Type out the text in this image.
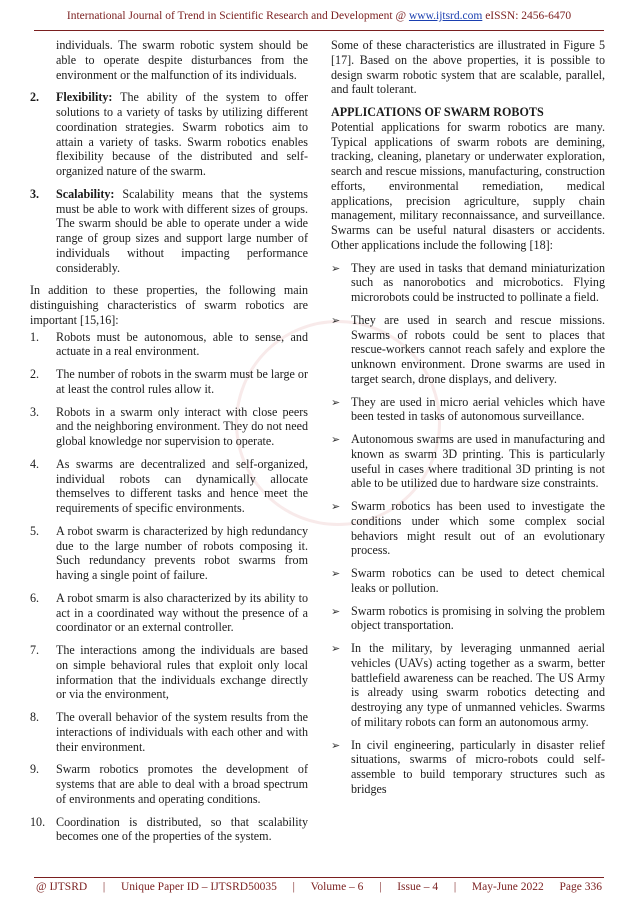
International Journal of Trend in Scientific Research and Development @ www.ijtsrd.com eISSN: 2456-6470
individuals. The swarm robotic system should be able to operate despite disturbances from the environment or the malfunction of its individuals.
2.	Flexibility: The ability of the system to offer solutions to a variety of tasks by utilizing different coordination strategies. Swarm robotics aim to attain a variety of tasks. Swarm robotics enables flexibility because of the distributed and self-organized nature of the swarm.
3.	Scalability: Scalability means that the systems must be able to work with different sizes of groups. The swarm should be able to operate under a wide range of group sizes and support large number of individuals without impacting performance considerably.
In addition to these properties, the following main distinguishing characteristics of swarm robotics are important [15,16]:
1.	Robots must be autonomous, able to sense, and actuate in a real environment.
2.	The number of robots in the swarm must be large or at least the control rules allow it.
3.	Robots in a swarm only interact with close peers and the neighboring environment. They do not need global knowledge nor supervision to operate.
4.	As swarms are decentralized and self-organized, individual robots can dynamically allocate themselves to different tasks and hence meet the requirements of specific environments.
5.	A robot swarm is characterized by high redundancy due to the large number of robots composing it. Such redundancy prevents robot swarms from having a single point of failure.
6.	A robot smarm is also characterized by its ability to act in a coordinated way without the presence of a coordinator or an external controller.
7.	The interactions among the individuals are based on simple behavioral rules that exploit only local information that the individuals exchange directly or via the environment,
8.	The overall behavior of the system results from the interactions of individuals with each other and with their environment.
9.	Swarm robotics promotes the development of systems that are able to deal with a broad spectrum of environments and operating conditions.
10. Coordination is distributed, so that scalability becomes one of the properties of the system.
Some of these characteristics are illustrated in Figure 5 [17]. Based on the above properties, it is possible to design swarm robotic system that are scalable, parallel, and fault tolerant.
APPLICATIONS OF SWARM ROBOTS
Potential applications for swarm robotics are many. Typical applications of swarm robots are demining, tracking, cleaning, planetary or underwater exploration, search and rescue missions, manufacturing, construction efforts, environmental remediation, medical applications, precision agriculture, supply chain management, military reconnaissance, and surveillance. Swarms can be useful natural disasters or accidents. Other applications include the following [18]:
➢ They are used in tasks that demand miniaturization such as nanorobotics and microbotics. Flying microrobots could be instructed to pollinate a field.
➢ They are used in search and rescue missions. Swarms of robots could be sent to places that rescue-workers cannot reach safely and explore the unknown environment. Drone swarms are used in target search, drone displays, and delivery.
➢ They are used in micro aerial vehicles which have been tested in tasks of autonomous surveillance.
➢ Autonomous swarms are used in manufacturing and known as swarm 3D printing. This is particularly useful in cases where traditional 3D printing is not able to be utilized due to hardware size constraints.
➢ Swarm robotics has been used to investigate the conditions under which some complex social behaviors might result out of an evolutionary process.
➢ Swarm robotics can be used to detect chemical leaks or pollution.
➢ Swarm robotics is promising in solving the problem object transportation.
➢ In the military, by leveraging unmanned aerial vehicles (UAVs) acting together as a swarm, better battlefield awareness can be reached. The US Army is already using swarm robotics detecting and destroying any type of unmanned vehicles. Swarms of military robots can form an autonomous army.
➢ In civil engineering, particularly in disaster relief situations, swarms of micro-robots could self-assemble to build temporary structures such as bridges
@ IJTSRD | Unique Paper ID – IJTSRD50035 | Volume – 6 | Issue – 4 | May-June 2022 Page 336
